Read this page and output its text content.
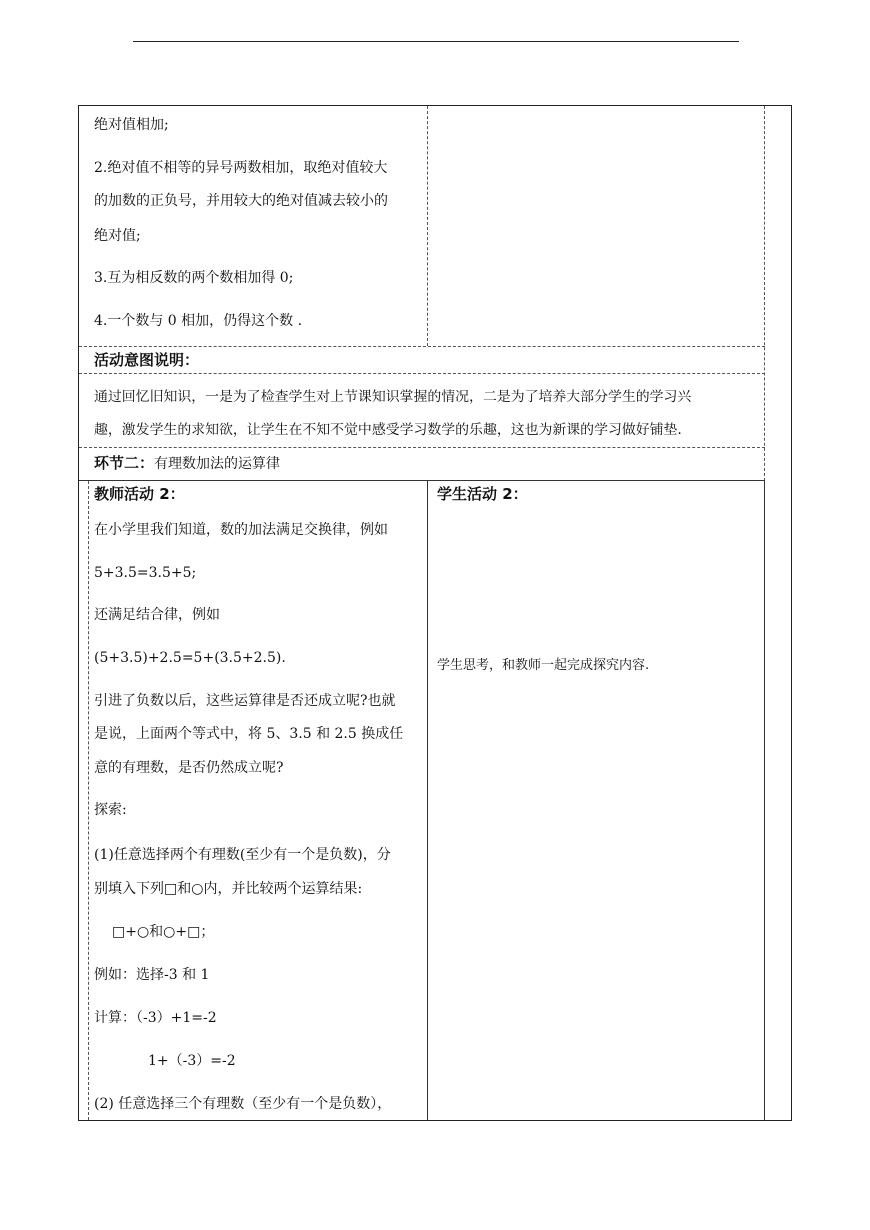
绝对值相加;
2.绝对值不相等的异号两数相加，取绝对值较大
的加数的正负号，并用较大的绝对值减去较小的
绝对值;
3.互为相反数的两个数相加得 0;
4.一个数与 0 相加，仍得这个数 .
活动意图说明：
通过回忆旧知识，一是为了检查学生对上节课知识掌握的情况，二是为了培养大部分学生的学习兴
趣，激发学生的求知欲，让学生在不知不觉中感受学习数学的乐趣，这也为新课的学习做好铺垫.
环节二：有理数加法的运算律
教师活动 2：
在小学里我们知道，数的加法满足交换律，例如
5+3.5=3.5+5;
还满足结合律，例如
(5+3.5)+2.5=5+(3.5+2.5).
引进了负数以后，这些运算律是否还成立呢?也就
是说，上面两个等式中，将 5、3.5 和 2.5 换成任
意的有理数，是否仍然成立呢?
探索:
(1)任意选择两个有理数(至少有一个是负数)，分
别填入下列□和○内，并比较两个运算结果:
□+○和○+□；
例如：选择-3 和 1
计算：（-3）+1=-2
1+（-3）=-2
(2) 任意选择三个有理数（至少有一个是负数），
学生活动 2：
学生思考，和教师一起完成探究内容.
